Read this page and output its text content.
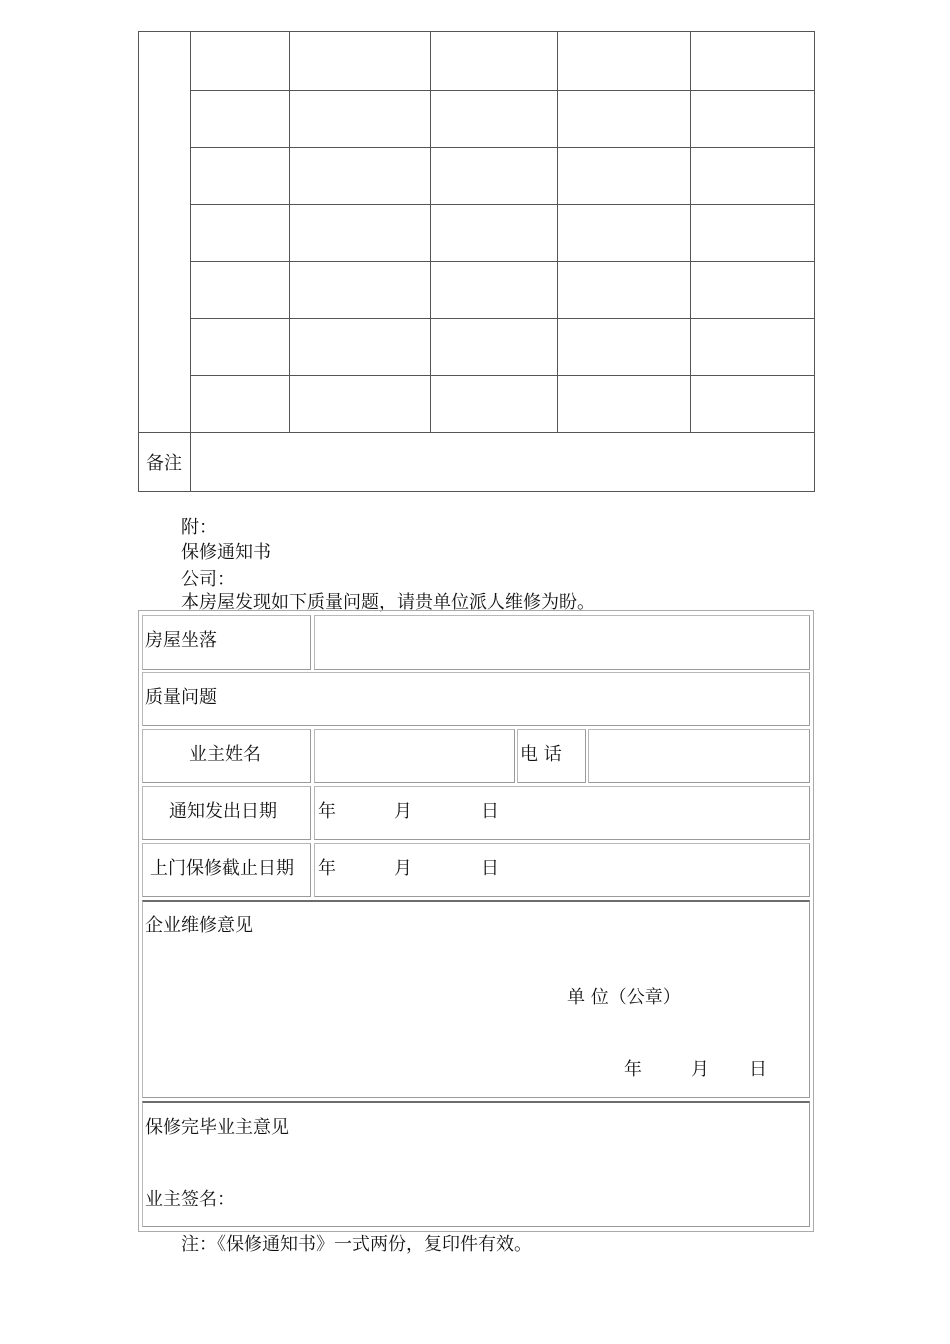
备注
附：
保修通知书
公司：
本房屋发现如下质量问题，请贵单位派人维修为盼。
房屋坐落
质量问题
业主姓名	电 话
通知发出日期 年	月	日
上门保修截止日期 年	月	日
企业维修意见
单 位（公章）
年	月 日
保修完毕业主意见
业主签名：
注：《保修通知书》一式两份，复印件有效。
